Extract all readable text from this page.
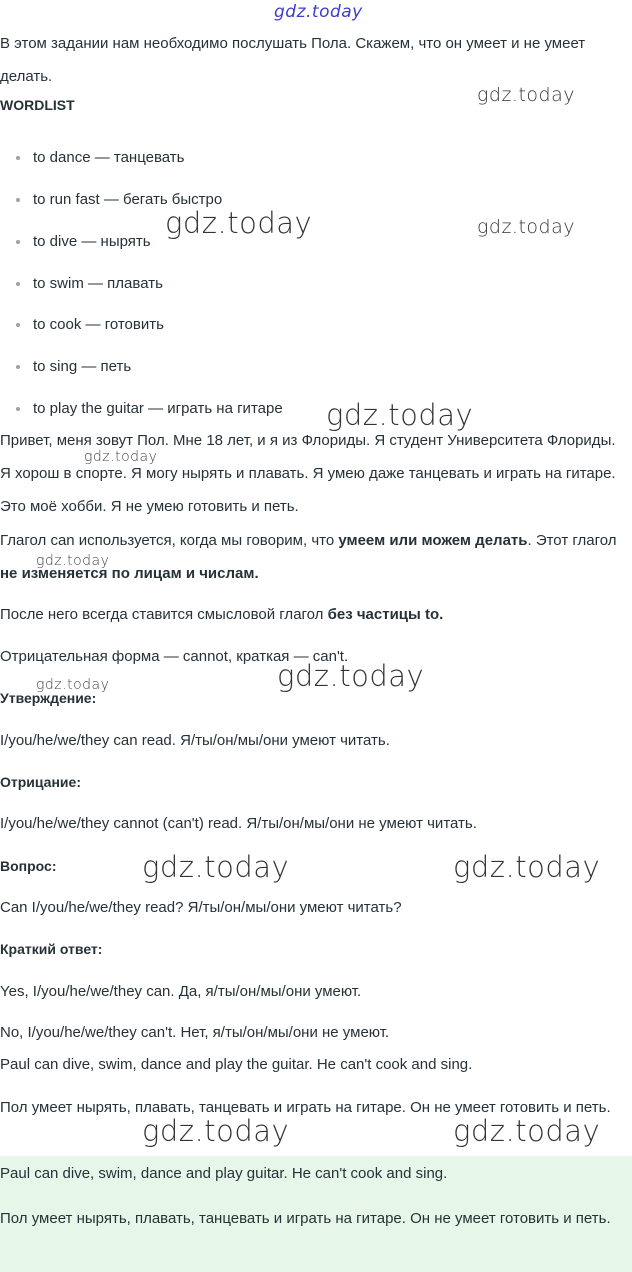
В этом задании нам необходимо послушать Пола. Скажем, что он умеет и не умеет делать.

WORDLIST
to dance — танцевать
to run fast — бегать быстро
to dive — нырять
to swim — плавать
to cook — готовить
to sing — петь
to play the guitar — играть на гитаре

Привет, меня зовут Пол. Мне 18 лет, и я из Флориды. Я студент Университета Флориды. Я хорош в спорте. Я могу нырять и плавать. Я умею даже танцевать и играть на гитаре. Это моё хобби. Я не умею готовить и петь.

Глагол can используется, когда мы говорим, что умеем или можем делать. Этот глагол не изменяется по лицам и числам.

После него всегда ставится смысловой глагол без частицы to.

Отрицательная форма — cannot, краткая — can't.

Утверждение:

I/you/he/we/they can read. Я/ты/он/мы/они умеют читать.

Отрицание:

I/you/he/we/they cannot (can't) read. Я/ты/он/мы/они не умеют читать.

Вопрос:

Can I/you/he/we/they read? Я/ты/он/мы/они умеют читать?

Краткий ответ:

Yes, I/you/he/we/they can. Да, я/ты/он/мы/они умеют.

No, I/you/he/we/they can't. Нет, я/ты/он/мы/они не умеют.

Paul can dive, swim, dance and play the guitar. He can't cook and sing.

Пол умеет нырять, плавать, танцевать и играть на гитаре. Он не умеет готовить и петь.

Paul can dive, swim, dance and play guitar. He can't cook and sing.

Пол умеет нырять, плавать, танцевать и играть на гитаре. Он не умеет готовить и петь.

gdz.today
gdz.today
gdz.today	gdz.today
gdz.today
gdz.today
gdz.today
gdz.today
gdz.today
gdz.today	gdz.today
gdz.today	gdz.today
